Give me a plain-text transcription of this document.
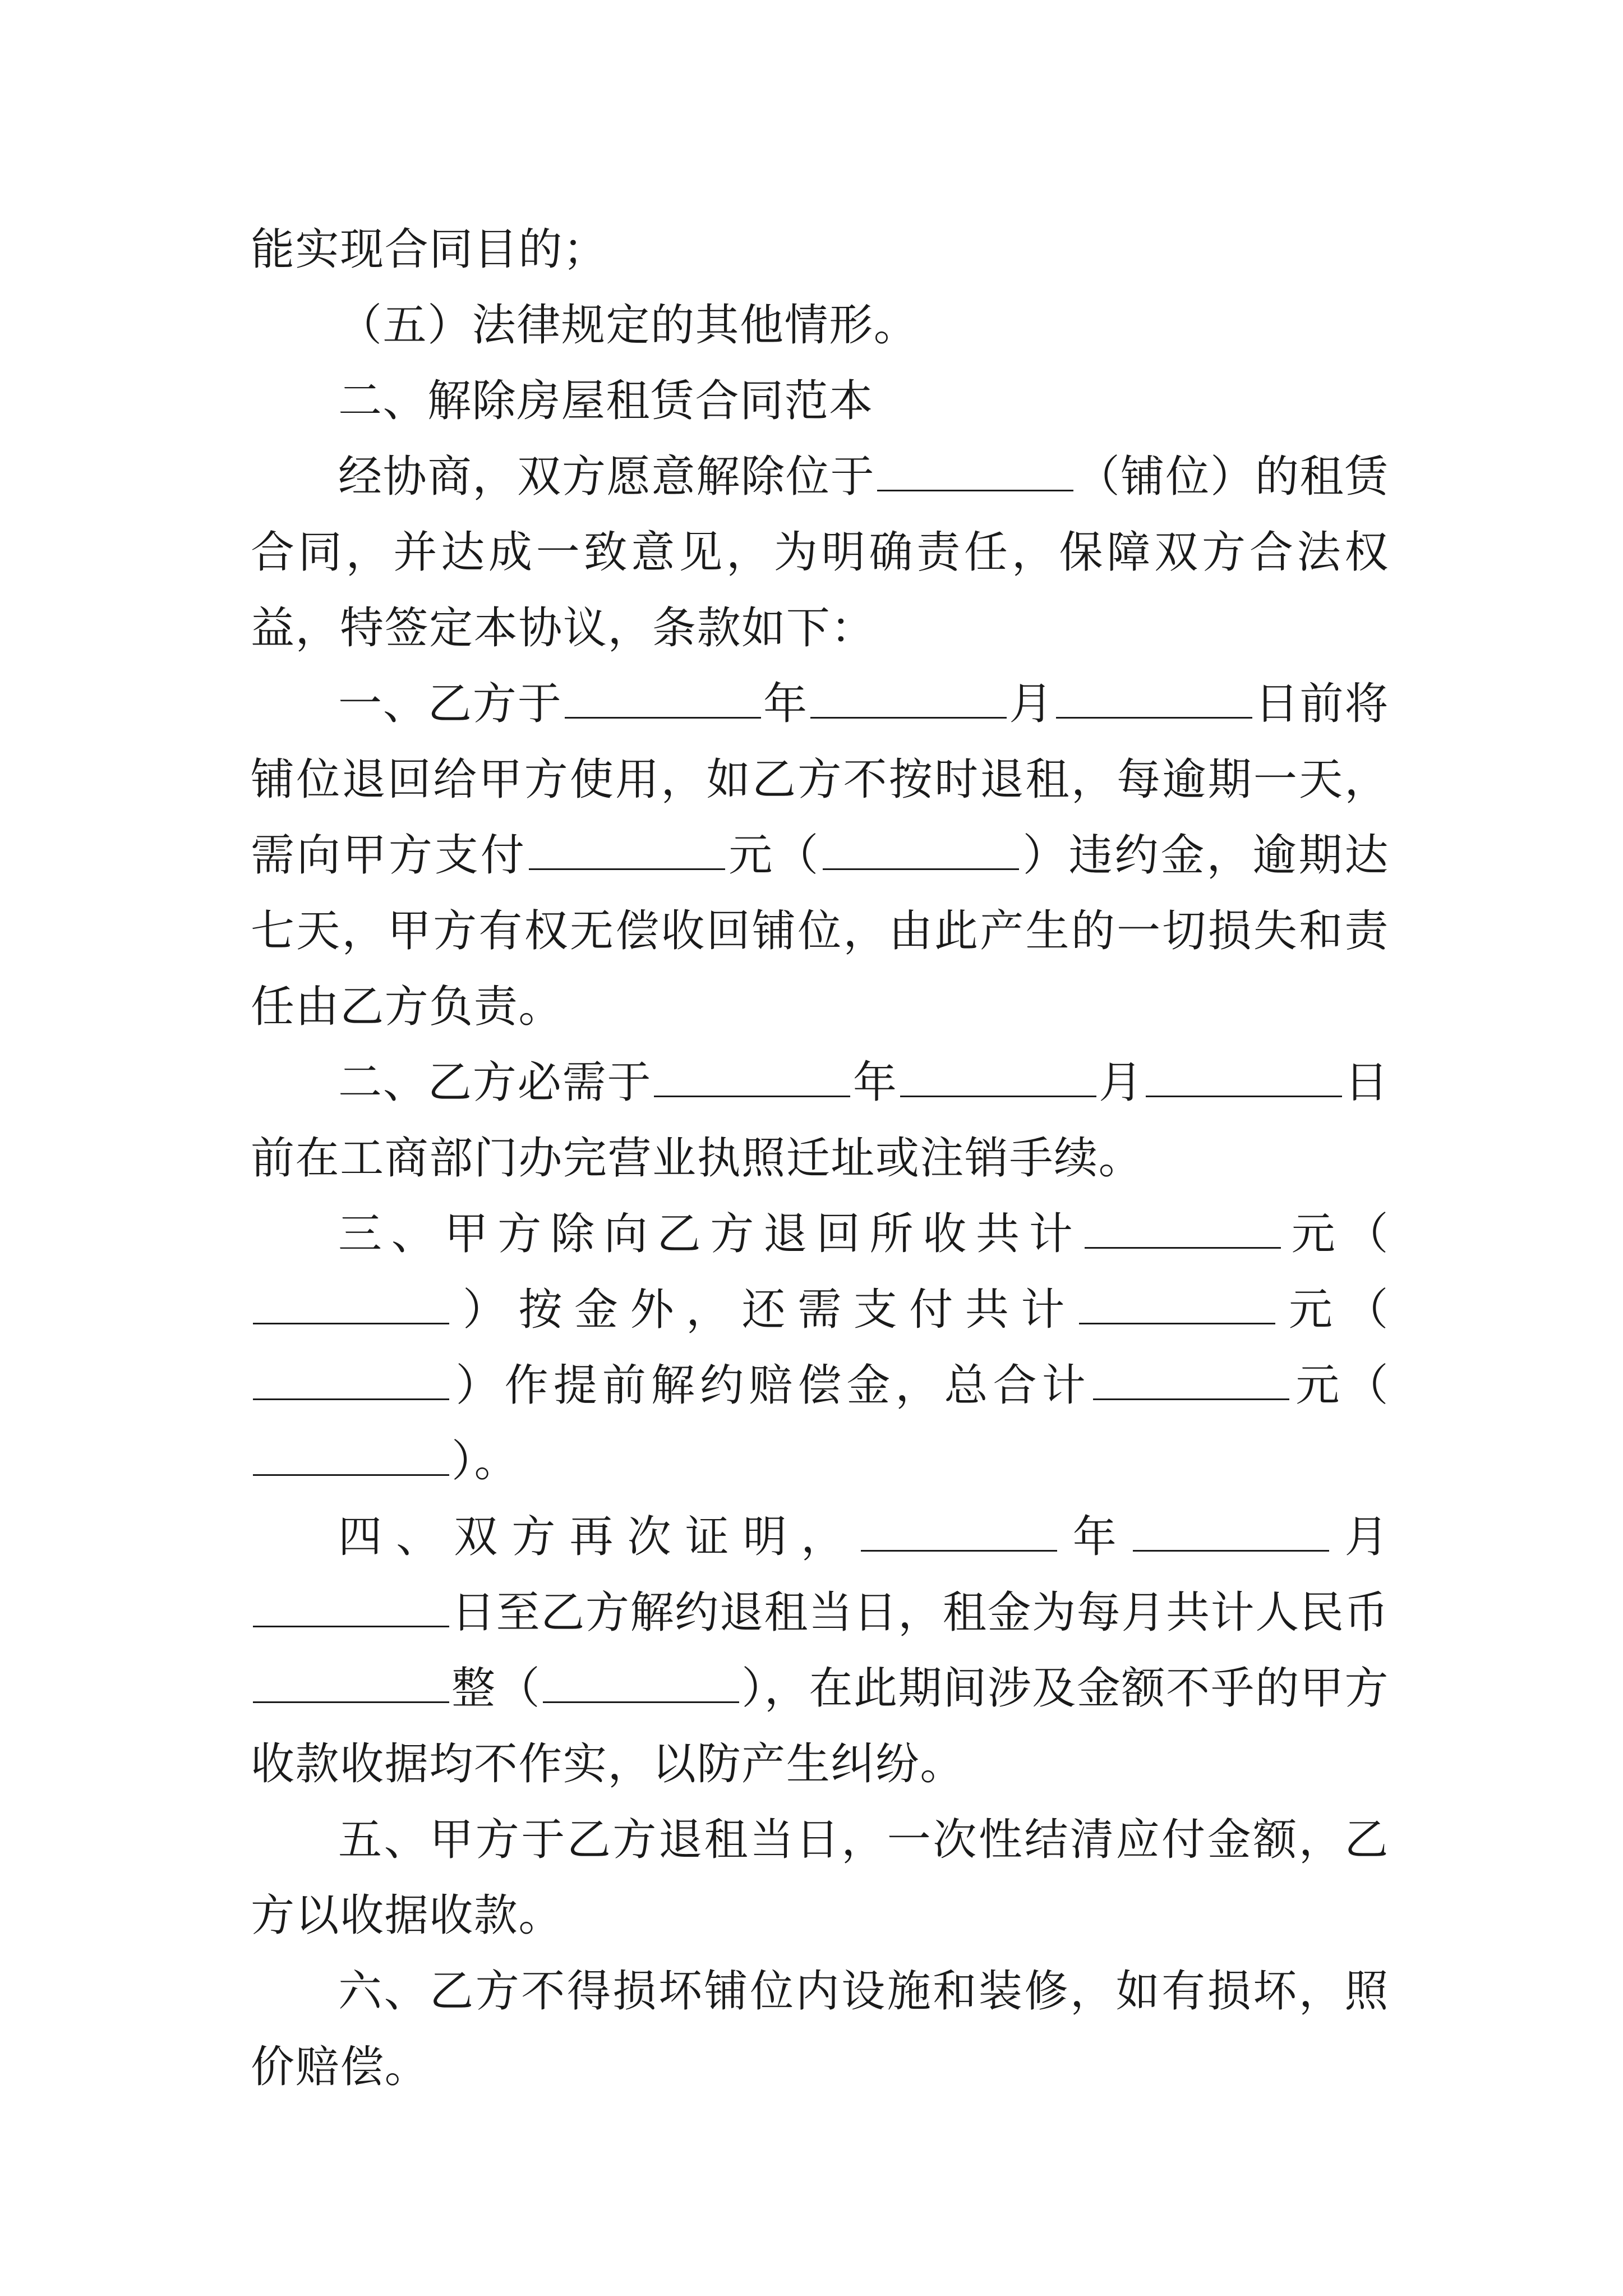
能实现合同目的；

（五）法律规定的其他情形。

二、解除房屋租赁合同范本

经协商，双方愿意解除位于	（铺位）的租赁合同，并达成一致意见，为明确责任，保障双方合法权益，特签定本协议，条款如下：

一、乙方于	年	月	日前将铺位退回给甲方使用，如乙方不按时退租，每逾期一天，需向甲方支付	元（	）违约金，逾期达七天，甲方有权无偿收回铺位，由此产生的一切损失和责任由乙方负责。

二、乙方必需于	年	月	日前在工商部门办完营业执照迁址或注销手续。

三、甲方除向乙方退回所收共计	元（）按金外，还需支付共计	元（）作提前解约赔偿金，总合计	元（）。

四、双方再次证明，	年	月日至乙方解约退租当日，租金为每月共计人民币整（	），在此期间涉及金额不乎的甲方收款收据均不作实，以防产生纠纷。

五、甲方于乙方退租当日，一次性结清应付金额，乙方以收据收款。

六、乙方不得损坏铺位内设施和装修，如有损坏，照价赔偿。
